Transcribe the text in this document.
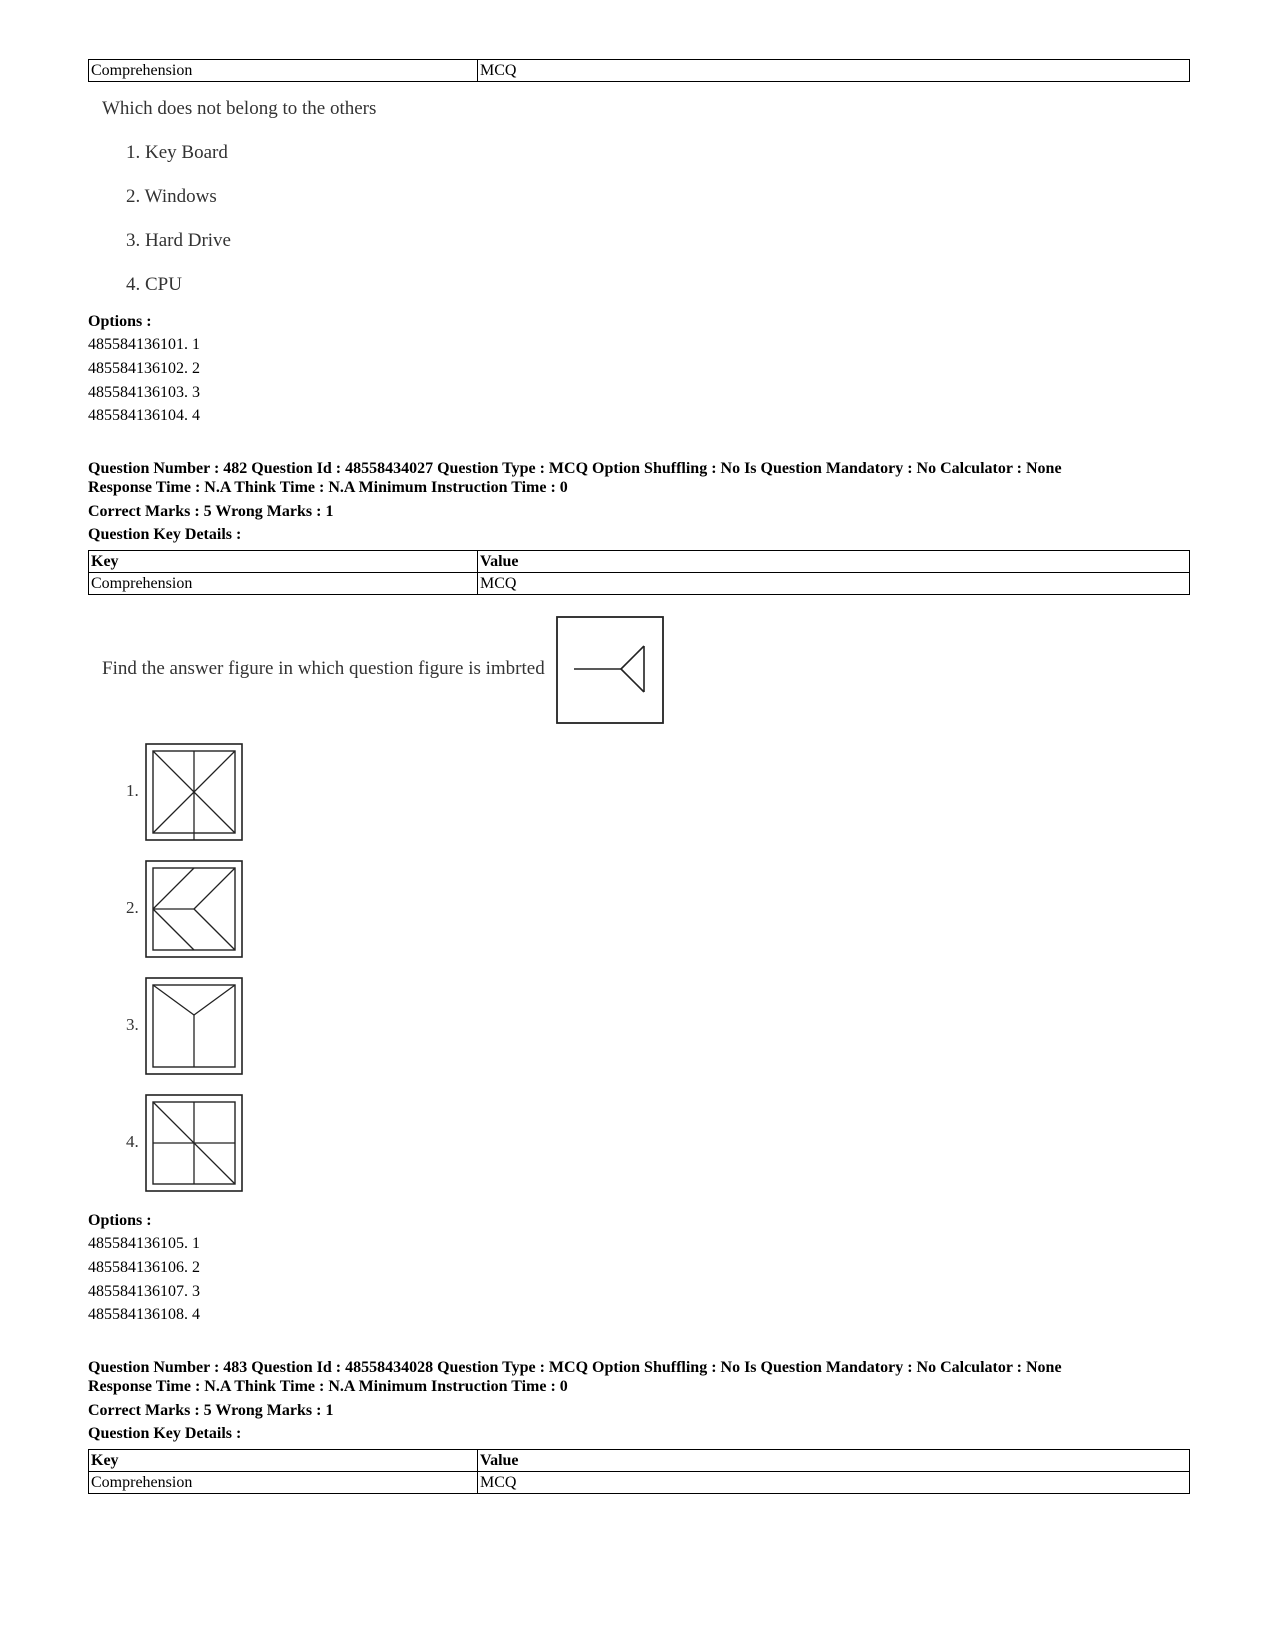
Comprehension	MCQ
Which does not belong to the others
1. Key Board
2. Windows
3. Hard Drive
4. CPU
Options :
485584136101. 1
485584136102. 2
485584136103. 3
485584136104. 4
Question Number : 482 Question Id : 48558434027 Question Type : MCQ Option Shuffling : No Is Question Mandatory : No Calculator : None
Response Time : N.A Think Time : N.A Minimum Instruction Time : 0
Correct Marks : 5 Wrong Marks : 1
Question Key Details :
Key	Value
Comprehension	MCQ
Find the answer figure in which question figure is imbrted
1.
2.
3.
4.
Options :
485584136105. 1
485584136106. 2
485584136107. 3
485584136108. 4
Question Number : 483 Question Id : 48558434028 Question Type : MCQ Option Shuffling : No Is Question Mandatory : No Calculator : None
Response Time : N.A Think Time : N.A Minimum Instruction Time : 0
Correct Marks : 5 Wrong Marks : 1
Question Key Details :
Key	Value
Comprehension	MCQ
